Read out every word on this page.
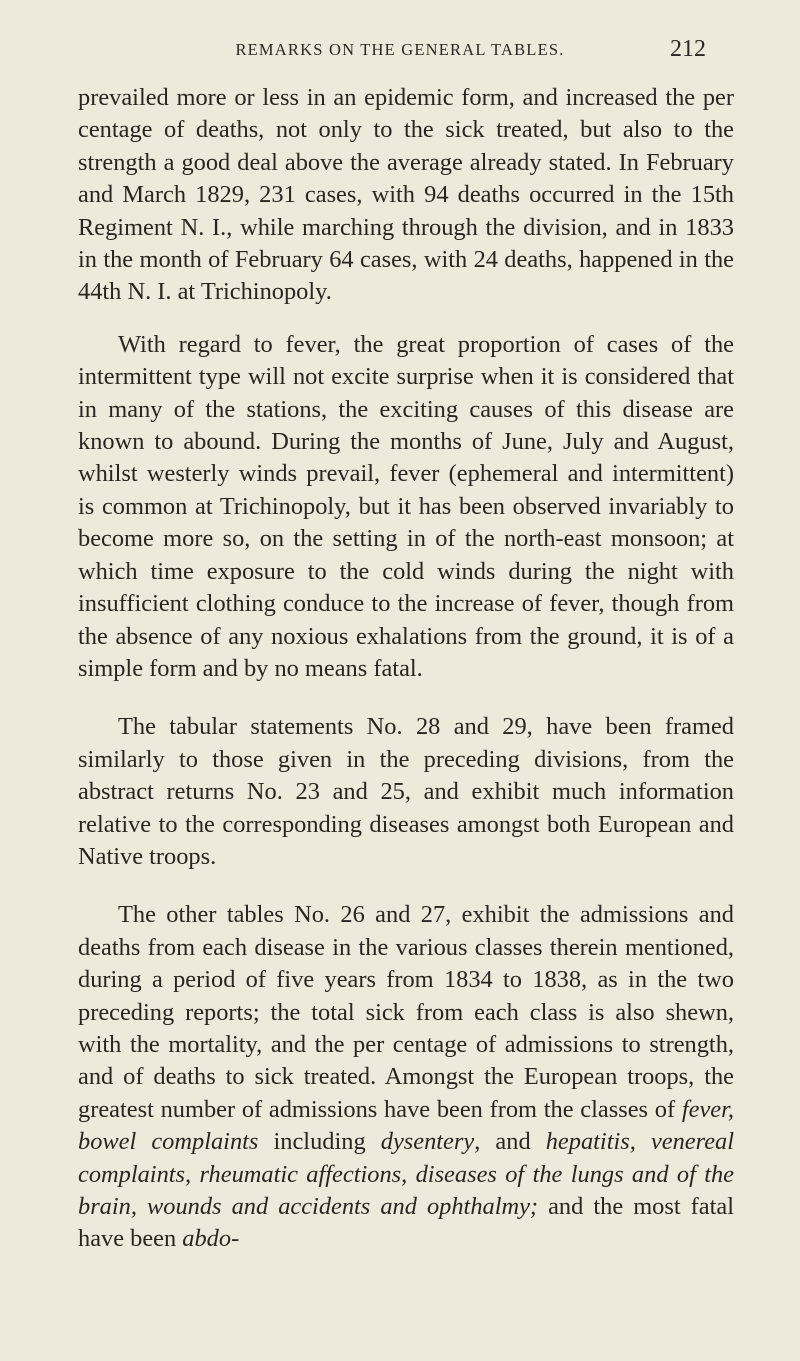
REMARKS ON THE GENERAL TABLES.	212

prevailed more or less in an epidemic form, and increased the per centage of deaths, not only to the sick treated, but also to the strength a good deal above the average already stated. In February and March 1829, 231 cases, with 94 deaths occurred in the 15th Regiment N. I., while marching through the division, and in 1833 in the month of February 64 cases, with 24 deaths, happened in the 44th N. I. at Trichinopoly.

With regard to fever, the great proportion of cases of the intermittent type will not excite surprise when it is considered that in many of the stations, the exciting causes of this disease are known to abound. During the months of June, July and August, whilst westerly winds prevail, fever (ephemeral and intermittent) is common at Trichinopoly, but it has been observed invariably to become more so, on the setting in of the north-east monsoon; at which time exposure to the cold winds during the night with insufficient clothing conduce to the increase of fever, though from the absence of any noxious exhalations from the ground, it is of a simple form and by no means fatal.

The tabular statements No. 28 and 29, have been framed similarly to those given in the preceding divisions, from the abstract returns No. 23 and 25, and exhibit much information relative to the corresponding diseases amongst both European and Native troops.

The other tables No. 26 and 27, exhibit the admissions and deaths from each disease in the various classes therein mentioned, during a period of five years from 1834 to 1838, as in the two preceding reports; the total sick from each class is also shewn, with the mortality, and the per centage of admissions to strength, and of deaths to sick treated. Amongst the European troops, the greatest number of admissions have been from the classes of fever, bowel complaints including dysentery, and hepatitis, venereal complaints, rheumatic affections, diseases of the lungs and of the brain, wounds and accidents and ophthalmy; and the most fatal have been abdo-
